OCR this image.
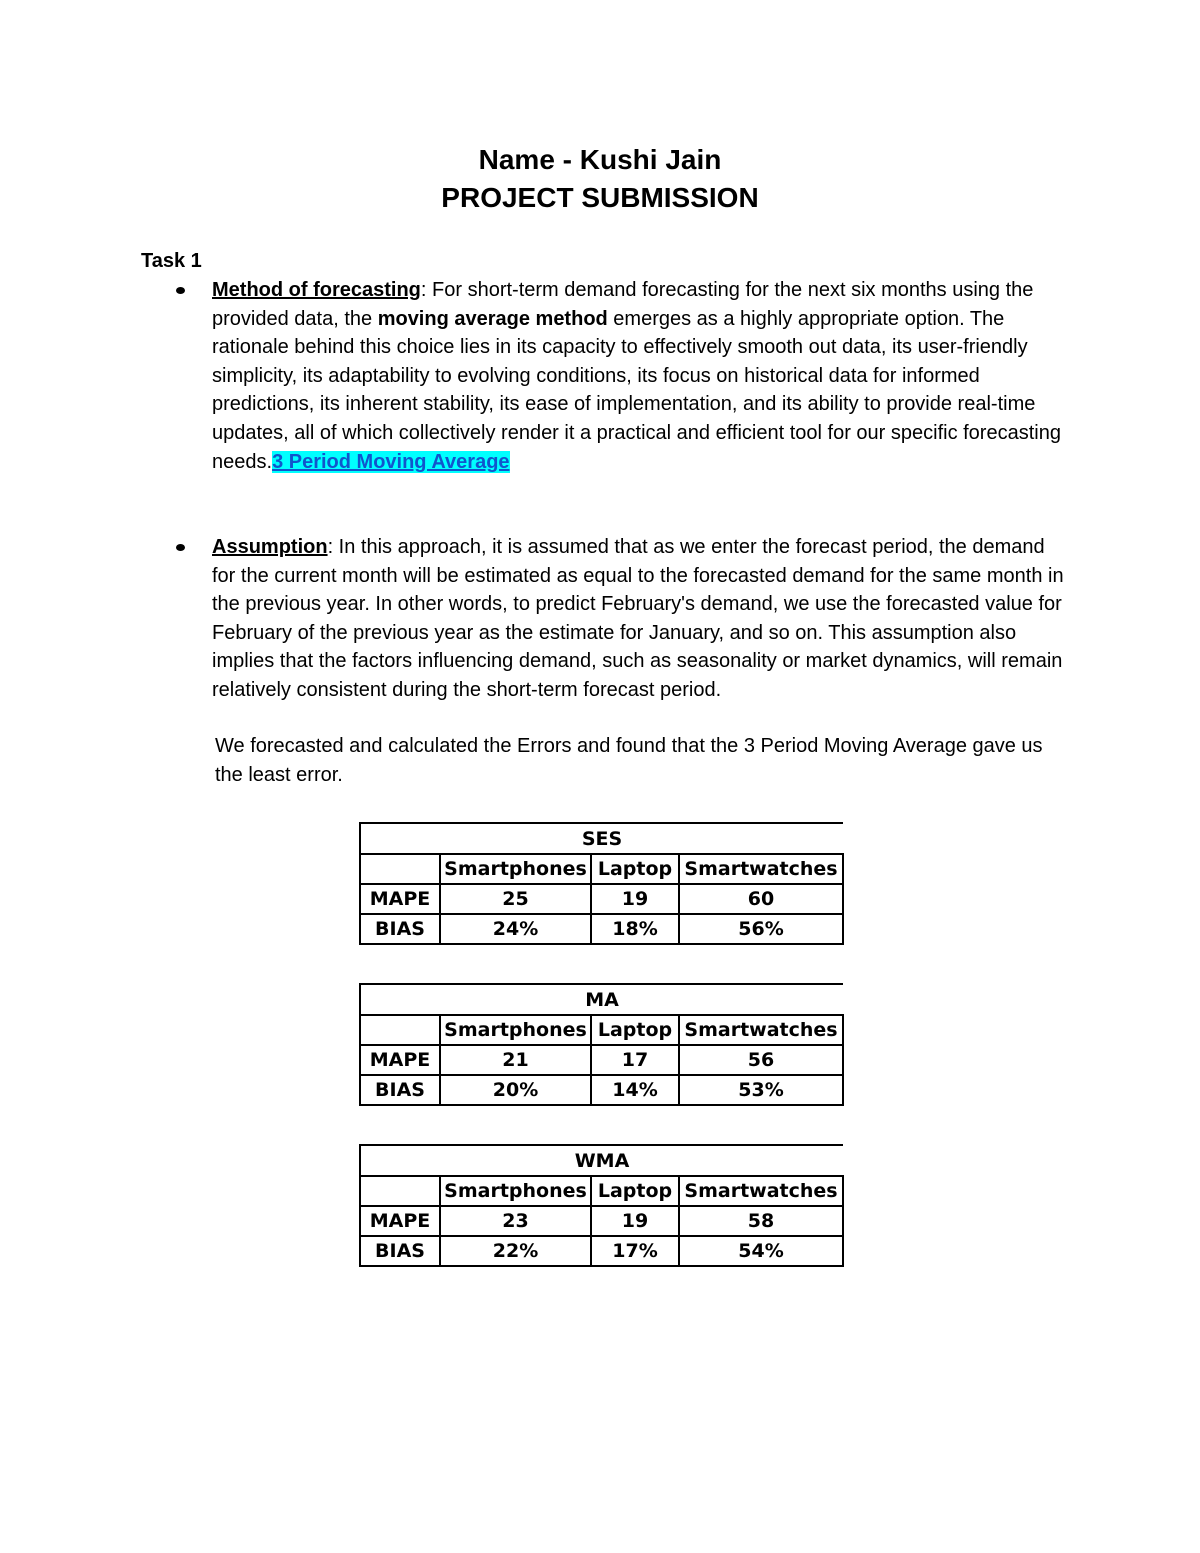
Name - Kushi Jain
PROJECT SUBMISSION
Task 1
Method of forecasting: For short-term demand forecasting for the next six months using the provided data, the moving average method emerges as a highly appropriate option. The rationale behind this choice lies in its capacity to effectively smooth out data, its user-friendly simplicity, its adaptability to evolving conditions, its focus on historical data for informed predictions, its inherent stability, its ease of implementation, and its ability to provide real-time updates, all of which collectively render it a practical and efficient tool for our specific forecasting needs.3 Period Moving Average
Assumption: In this approach, it is assumed that as we enter the forecast period, the demand for the current month will be estimated as equal to the forecasted demand for the same month in the previous year. In other words, to predict February's demand, we use the forecasted value for February of the previous year as the estimate for January, and so on. This assumption also implies that the factors influencing demand, such as seasonality or market dynamics, will remain relatively consistent during the short-term forecast period.
We forecasted and calculated the Errors and found that the 3 Period Moving Average gave us the least error.
SES			
	Smartphones	Laptop	Smartwatches
MAPE	25	19	60
BIAS	24%	18%	56%
MA			
	Smartphones	Laptop	Smartwatches
MAPE	21	17	56
BIAS	20%	14%	53%
WMA			
	Smartphones	Laptop	Smartwatches
MAPE	23	19	58
BIAS	22%	17%	54%
